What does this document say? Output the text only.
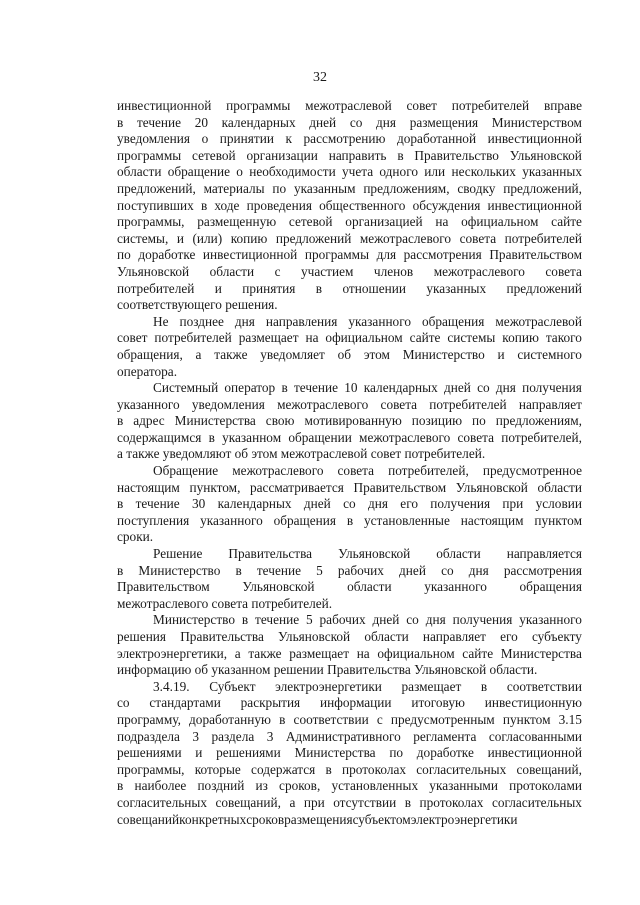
32
инвестиционной программы межотраслевой совет потребителей вправе
в течение 20 календарных дней со дня размещения Министерством
уведомления о принятии к рассмотрению доработанной инвестиционной
программы сетевой организации направить в Правительство Ульяновской
области обращение о необходимости учета одного или нескольких указанных
предложений, материалы по указанным предложениям, сводку предложений,
поступивших в ходе проведения общественного обсуждения инвестиционной
программы, размещенную сетевой организацией на официальном сайте
системы, и (или) копию предложений межотраслевого совета потребителей
по доработке инвестиционной программы для рассмотрения Правительством
Ульяновской области с участием членов межотраслевого совета
потребителей и принятия в отношении указанных предложений
соответствующего решения.
Не позднее дня направления указанного обращения межотраслевой
совет потребителей размещает на официальном сайте системы копию такого
обращения, а также уведомляет об этом Министерство и системного
оператора.
Системный оператор в течение 10 календарных дней со дня получения
указанного уведомления межотраслевого совета потребителей направляет
в адрес Министерства свою мотивированную позицию по предложениям,
содержащимся в указанном обращении межотраслевого совета потребителей,
а также уведомляют об этом межотраслевой совет потребителей.
Обращение межотраслевого совета потребителей, предусмотренное
настоящим пунктом, рассматривается Правительством Ульяновской области
в течение 30 календарных дней со дня его получения при условии
поступления указанного обращения в установленные настоящим пунктом
сроки.
Решение Правительства Ульяновской области направляется
в Министерство в течение 5 рабочих дней со дня рассмотрения
Правительством Ульяновской области указанного обращения
межотраслевого совета потребителей.
Министерство в течение 5 рабочих дней со дня получения указанного
решения Правительства Ульяновской области направляет его субъекту
электроэнергетики, а также размещает на официальном сайте Министерства
информацию об указанном решении Правительства Ульяновской области.
3.4.19. Субъект электроэнергетики размещает в соответствии
со стандартами раскрытия информации итоговую инвестиционную
программу, доработанную в соответствии с предусмотренным пунктом 3.15
подраздела 3 раздела 3 Административного регламента согласованными
решениями и решениями Министерства по доработке инвестиционной
программы, которые содержатся в протоколах согласительных совещаний,
в наиболее поздний из сроков, установленных указанными протоколами
согласительных совещаний, а при отсутствии в протоколах согласительных
совещаний конкретных сроков размещения субъектом электроэнергетики
